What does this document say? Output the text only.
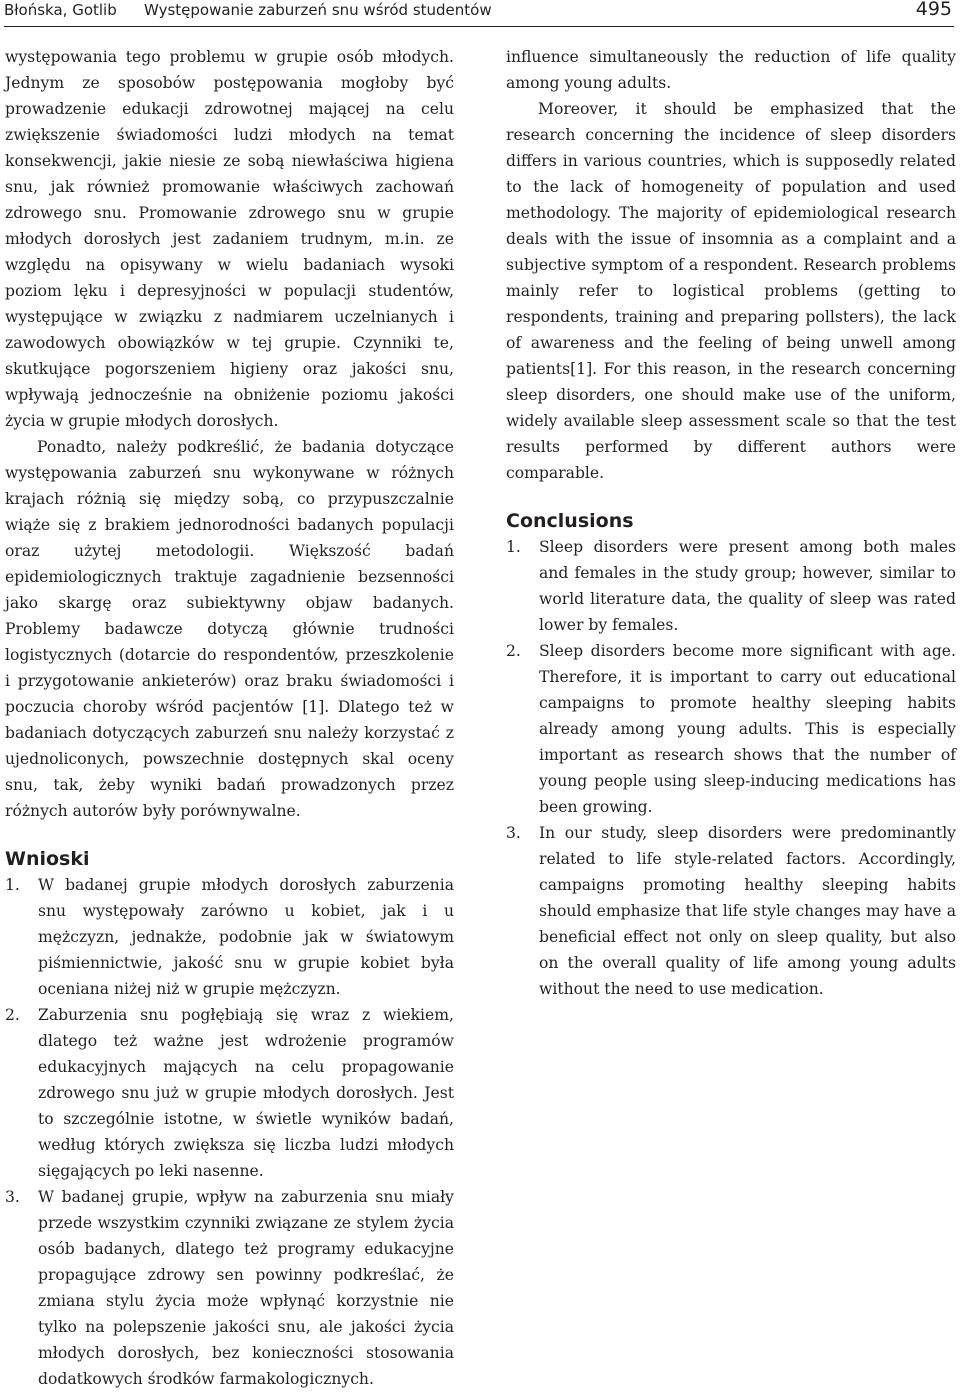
Błońska, Gotlib Występowanie zaburzeń snu wśród studentów	495

występowania tego problemu w grupie osób młodych. Jednym ze sposobów postępowania mogłoby być prowadzenie edukacji zdrowotnej mającej na celu zwiększenie świadomości ludzi młodych na temat konsekwencji, jakie niesie ze sobą niewłaściwa higiena snu, jak również promowanie właściwych zachowań zdrowego snu. Promowanie zdrowego snu w grupie młodych dorosłych jest zadaniem trudnym, m.in. ze względu na opisywany w wielu badaniach wysoki poziom lęku i depresyjności w populacji studentów, występujące w związku z nadmiarem uczelnianych i zawodowych obowiązków w tej grupie. Czynniki te, skutkujące pogorszeniem higieny oraz jakości snu, wpływają jednocześnie na obniżenie poziomu jakości życia w grupie młodych dorosłych.

Ponadto, należy podkreślić, że badania dotyczące występowania zaburzeń snu wykonywane w różnych krajach różnią się między sobą, co przypuszczalnie wiąże się z brakiem jednorodności badanych populacji oraz użytej metodologii. Większość badań epidemiologicznych traktuje zagadnienie bezsenności jako skargę oraz subiektywny objaw badanych. Problemy badawcze dotyczą głównie trudności logistycznych (dotarcie do respondentów, przeszkolenie i przygotowanie ankieterów) oraz braku świadomości i poczucia choroby wśród pacjentów [1]. Dlatego też w badaniach dotyczących zaburzeń snu należy korzystać z ujednoliconych, powszechnie dostępnych skal oceny snu, tak, żeby wyniki badań prowadzonych przez różnych autorów były porównywalne.

Wnioski
1. W badanej grupie młodych dorosłych zaburzenia snu występowały zarówno u kobiet, jak i u mężczyzn, jednakże, podobnie jak w światowym piśmiennictwie, jakość snu w grupie kobiet była oceniana niżej niż w grupie mężczyzn.
2. Zaburzenia snu pogłębiają się wraz z wiekiem, dlatego też ważne jest wdrożenie programów edukacyjnych mających na celu propagowanie zdrowego snu już w grupie młodych dorosłych. Jest to szczególnie istotne, w świetle wyników badań, według których zwiększa się liczba ludzi młodych sięgających po leki nasenne.
3. W badanej grupie, wpływ na zaburzenia snu miały przede wszystkim czynniki związane ze stylem życia osób badanych, dlatego też programy edukacyjne propagujące zdrowy sen powinny podkreślać, że zmiana stylu życia może wpłynąć korzystnie nie tylko na polepszenie jakości snu, ale jakości życia młodych dorosłych, bez konieczności stosowania dodatkowych środków farmakologicznych.

influence simultaneously the reduction of life quality among young adults.

Moreover, it should be emphasized that the research concerning the incidence of sleep disorders differs in various countries, which is supposedly related to the lack of homogeneity of population and used methodology. The majority of epidemiological research deals with the issue of insomnia as a complaint and a subjective symptom of a respondent. Research problems mainly refer to logistical problems (getting to respondents, training and preparing pollsters), the lack of awareness and the feeling of being unwell among patients[1]. For this reason, in the research concerning sleep disorders, one should make use of the uniform, widely available sleep assessment scale so that the test results performed by different authors were comparable.

Conclusions
1. Sleep disorders were present among both males and females in the study group; however, similar to world literature data, the quality of sleep was rated lower by females.
2. Sleep disorders become more significant with age. Therefore, it is important to carry out educational campaigns to promote healthy sleeping habits already among young adults. This is especially important as research shows that the number of young people using sleep-inducing medications has been growing.
3. In our study, sleep disorders were predominantly related to life style-related factors. Accordingly, campaigns promoting healthy sleeping habits should emphasize that life style changes may have a beneficial effect not only on sleep quality, but also on the overall quality of life among young adults without the need to use medication.
